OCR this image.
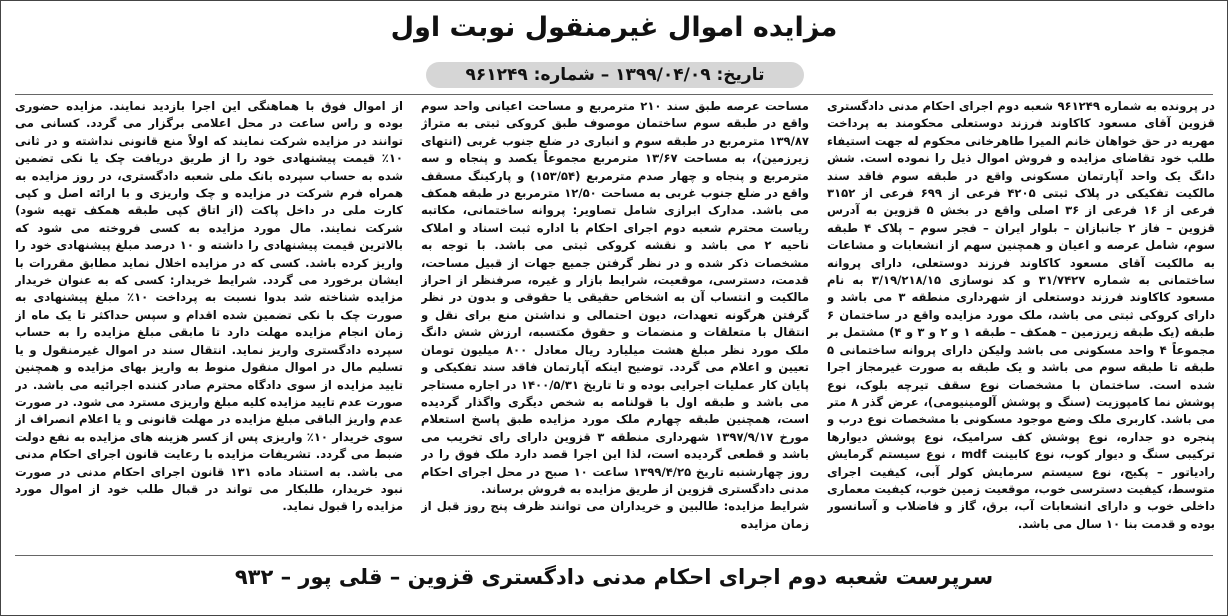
مزایده اموال غیرمنقول نوبت اول
تاریخ: ۱۳۹۹/۰۴/۰۹ – شماره: ۹۶۱۲۴۹

در پرونده به شماره ۹۶۱۲۴۹ شعبه دوم اجرای احکام مدنی دادگستری قزوین آقای مسعود کاکاوند فرزند دوستعلی محکومند به پرداخت مهریه در حق خواهان خانم المیرا طاهرخانی محکوم له جهت استیفاء طلب خود تقاضای مزایده و فروش اموال ذیل را نموده است. شش دانگ یک واحد آپارتمان مسکونی واقع در طبقه سوم فاقد سند مالکیت تفکیکی در پلاک ثبتی ۴۲۰۵ فرعی از ۶۹۹ فرعی از ۳۱۵۲ فرعی از ۱۶ فرعی از ۳۶ اصلی واقع در بخش ۵ قزوین به آدرس قزوین – فاز ۲ جانبازان – بلوار ایران – فجر سوم – پلاک ۴ طبقه سوم، شامل عرصه و اعیان و همچنین سهم از انشعابات و مشاعات به مالکیت آقای مسعود کاکاوند فرزند دوستعلی، دارای پروانه ساختمانی به شماره ۳۱/۷۴۲۷ و کد نوسازی ۳/۱۹/۲۱۸/۱۵ به نام مسعود کاکاوند فرزند دوستعلی از شهرداری منطقه ۳ می باشد و دارای کروکی ثبتی می باشد، ملک مورد مزایده واقع در ساختمان ۶ طبقه (یک طبقه زیرزمین – همکف – طبقه ۱ و ۲ و ۳ و ۴) مشتمل بر مجموعاً ۴ واحد مسکونی می باشد ولیکن دارای پروانه ساختمانی ۵ طبقه تا طبقه سوم می باشد و یک طبقه به صورت غیرمجاز اجرا شده است. ساختمان با مشخصات نوع سقف تیرچه بلوک، نوع پوشش نما کامپوزیت (سنگ و پوشش آلومینیومی)، عرض گذر ۸ متر می باشد. کاربری ملک وضع موجود مسکونی با مشخصات نوع درب و پنجره دو جداره، نوع پوشش کف سرامیک، نوع پوشش دیوارها ترکیبی سنگ و دیوار کوب، نوع کابینت mdf ، نوع سیستم گرمایش رادیاتور – پکیج، نوع سیستم سرمایش کولر آبی، کیفیت اجرای متوسط، کیفیت دسترسی خوب، موقعیت زمین خوب، کیفیت معماری داخلی خوب و دارای انشعابات آب، برق، گاز و فاضلاب و آسانسور بوده و قدمت بنا ۱۰ سال می باشد.

مساحت عرصه طبق سند ۲۱۰ مترمربع و مساحت اعیانی واحد سوم واقع در طبقه سوم ساختمان موصوف طبق کروکی ثبتی به متراژ ۱۳۹/۸۷ مترمربع در طبقه سوم و انباری در ضلع جنوب غربی (انتهای زیرزمین)، به مساحت ۱۳/۶۷ مترمربع مجموعاً یکصد و پنجاه و سه مترمربع و پنجاه و چهار صدم مترمربع (۱۵۳/۵۴) و پارکینگ مسقف واقع در ضلع جنوب غربی به مساحت ۱۲/۵۰ مترمربع در طبقه همکف می باشد. مدارک ابرازی شامل تصاویر: پروانه ساختمانی، مکاتبه ریاست محترم شعبه دوم اجرای احکام با اداره ثبت اسناد و املاک ناحیه ۲ می باشد و نقشه کروکی ثبتی می باشد. با توجه به مشخصات ذکر شده و در نظر گرفتن جمیع جهات از قبیل مساحت، قدمت، دسترسی، موقعیت، شرایط بازار و غیره، صرفنظر از احراز مالکیت و انتساب آن به اشخاص حقیقی یا حقوقی و بدون در نظر گرفتن هرگونه تعهدات، دیون احتمالی و نداشتن منع برای نقل و انتقال با متعلقات و منضمات و حقوق مکتسبه، ارزش شش دانگ ملک مورد نظر مبلغ هشت میلیارد ریال معادل ۸۰۰ میلیون تومان تعیین و اعلام می گردد. توضیح اینکه آپارتمان فاقد سند تفکیکی و پایان کار عملیات اجرایی بوده و تا تاریخ ۱۴۰۰/۵/۳۱ در اجاره مستاجر می باشد و طبقه اول با قولنامه به شخص دیگری واگذار گردیده است، همچنین طبقه چهارم ملک مورد مزایده طبق پاسخ استعلام مورخ ۱۳۹۷/۹/۱۷ شهرداری منطقه ۳ قزوین دارای رای تخریب می باشد و قطعی گردیده است، لذا این اجرا قصد دارد ملک فوق را در روز چهارشنبه تاریخ ۱۳۹۹/۴/۲۵ ساعت ۱۰ صبح در محل اجرای احکام مدنی دادگستری قزوین از طریق مزایده به فروش برساند.

شرایط مزایده: طالبین و خریداران می توانند ظرف پنج روز قبل از زمان مزایده

از اموال فوق با هماهنگی این اجرا بازدید نمایند. مزایده حضوری بوده و راس ساعت در محل اعلامی برگزار می گردد. کسانی می توانند در مزایده شرکت نمایند که اولاً منع قانونی نداشته و در ثانی ۱۰٪ قیمت پیشنهادی خود را از طریق دریافت چک یا نکی تضمین شده به حساب سپرده بانک ملی شعبه دادگستری، در روز مزایده به همراه فرم شرکت در مزایده و چک واریزی و با ارائه اصل و کپی کارت ملی در داخل پاکت (از اتاق کپی طبقه همکف تهیه شود) شرکت نمایند. مال مورد مزایده به کسی فروخته می شود که بالاترین قیمت پیشنهادی را داشته و ۱۰ درصد مبلغ پیشنهادی خود را واریز کرده باشد. کسی که در مزایده اخلال نماید مطابق مقررات با ایشان برخورد می گردد. شرایط خریدار: کسی که به عنوان خریدار مزایده شناخته شد بدوا نسبت به پرداخت ۱۰٪ مبلغ پیشنهادی به صورت چک با نکی تضمین شده اقدام و سپس حداکثر تا یک ماه از زمان انجام مزایده مهلت دارد تا مابقی مبلغ مزایده را به حساب سپرده دادگستری واریز نماید. انتقال سند در اموال غیرمنقول و یا تسلیم مال در اموال منقول منوط به واریز بهای مزایده و همچنین تایید مزایده از سوی دادگاه محترم صادر کننده اجرائیه می باشد. در صورت عدم تایید مزایده کلیه مبلغ واریزی مسترد می شود. در صورت عدم واریز الباقی مبلغ مزایده در مهلت قانونی و یا اعلام انصراف از سوی خریدار ۱۰٪ واریزی پس از کسر هزینه های مزایده به نفع دولت ضبط می گردد. تشریفات مزایده با رعایت قانون اجرای احکام مدنی می باشد. به استناد ماده ۱۳۱ قانون اجرای احکام مدنی در صورت نبود خریدار، طلبکار می تواند در قبال طلب خود از اموال مورد مزایده را قبول نماید.

سرپرست شعبه دوم اجرای احکام مدنی دادگستری قزوین – قلی پور – ۹۳۲
